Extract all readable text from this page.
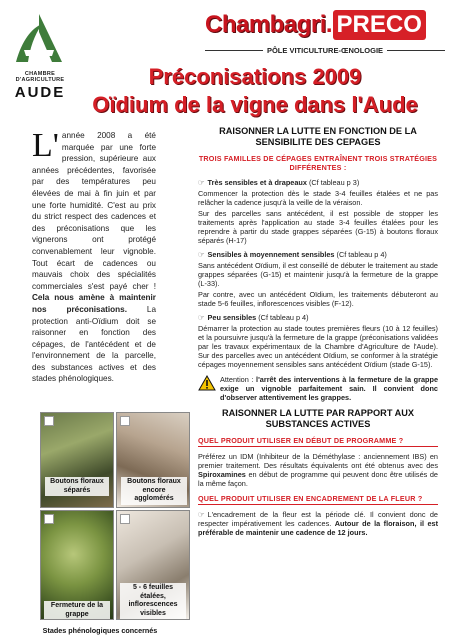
CHAMBRE
D'AGRICULTURE
AUDE
Chambagri. PRECO
PÔLE VITICULTURE-ŒNOLOGIE
Préconisations 2009
Oïdium de la vigne dans l'Aude
L' année 2008 a été marquée par une forte pression, supérieure aux années précédentes, favorisée par des températures peu élevées de mai à fin juin et par une forte humidité. C'est au prix du strict respect des cadences et des préconisations que les vignerons ont protégé convenablement leur vignoble. Tout écart de cadences ou mauvais choix des spécialités commerciales s'est payé cher ! Cela nous amène à maintenir nos préconisations. La protection anti-Oïdium doit se raisonner en fonction des cépages, de l'antécédent et de l'environnement de la parcelle, des substances actives et des stades phénologiques.
Boutons floraux séparés
Boutons floraux encore agglomérés
Fermeture de la grappe
5 - 6 feuilles étalées, inflorescences visibles
Stades phénologiques concernés
RAISONNER LA LUTTE EN FONCTION DE LA SENSIBILITE DES CEPAGES
TROIS FAMILLES DE CÉPAGES ENTRAÎNENT TROIS STRATÉGIES DIFFÉRENTES :
☞ Très sensibles et à drapeaux (Cf tableau p 3)

Commencer la protection dès le stade 3-4 feuilles étalées et ne pas relâcher la cadence jusqu'à la veille de la véraison.

Sur des parcelles sans antécédent, il est possible de stopper les traitements après l'application au stade 3-4 feuilles étalées pour les reprendre à partir du stade grappes séparées (G-15) à boutons floraux séparés (H-17)

☞ Sensibles à moyennement sensibles (Cf tableau p 4)

Sans antécédent Oïdium, il est conseillé de débuter le traitement au stade grappes séparées (G-15) et maintenir jusqu'à la fermeture de la grappe (L-33).

Par contre, avec un antécédent Oïdium, les traitements débuteront au stade 5-6 feuilles, inflorescences visibles (F-12).

☞ Peu sensibles (Cf tableau p 4)

Démarrer la protection au stade toutes premières fleurs (10 à 12 feuilles) et la poursuivre jusqu'à la fermeture de la grappe (préconisations validées par les travaux expérimentaux de la Chambre d'Agriculture de l'Aude). Sur des parcelles avec un antécédent Oïdium, se conformer à la stratégie cépages moyennement sensibles sans antécédent Oïdium (stade G-15).

Attention : l'arrêt des interventions à la fermeture de la grappe exige un vignoble parfaitement sain. Il convient donc d'observer attentivement les grappes.
RAISONNER LA LUTTE PAR RAPPORT AUX SUBSTANCES ACTIVES
QUEL PRODUIT UTILISER EN DÉBUT DE PROGRAMME ?

Préférez un IDM (Inhibiteur de la Déméthylase : anciennement IBS) en premier traitement. Des résultats équivalents ont été obtenus avec des Spiroxamines en début de programme qui peuvent donc être utilisés de la même façon.

QUEL PRODUIT UTILISER EN ENCADREMENT DE LA FLEUR ?

☞ L'encadrement de la fleur est la période clé. Il convient donc de respecter impérativement les cadences. Autour de la floraison, il est préférable de maintenir une cadence de 12 jours.
